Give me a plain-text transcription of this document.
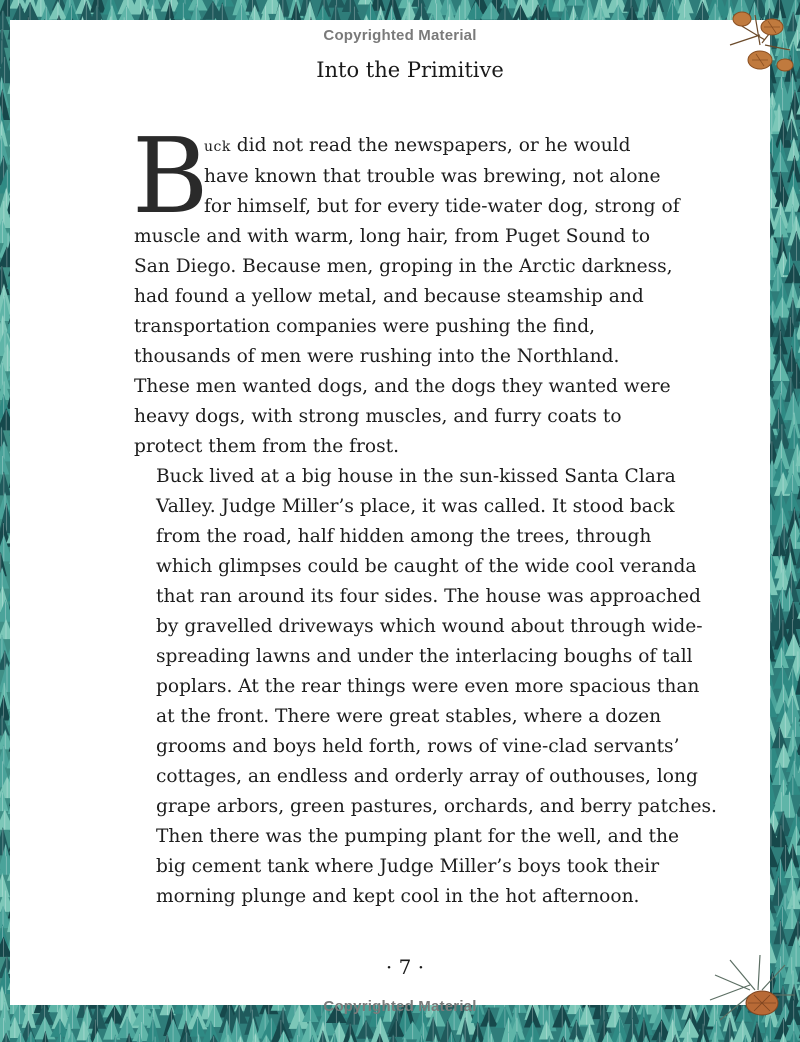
Copyrighted Material
Into the Primitive

B
uck did not read the newspapers, or he would
have known that trouble was brewing, not alone
for himself, but for every tide-water dog, strong of
muscle and with warm, long hair, from Puget Sound to
San Diego. Because men, groping in the Arctic darkness,
had found a yellow metal, and because steamship and
transportation companies were pushing the find,
thousands of men were rushing into the Northland.
These men wanted dogs, and the dogs they wanted were
heavy dogs, with strong muscles, and furry coats to
protect them from the frost.

Buck lived at a big house in the sun-kissed Santa Clara
Valley. Judge Miller’s place, it was called. It stood back
from the road, half hidden among the trees, through
which glimpses could be caught of the wide cool veranda
that ran around its four sides. The house was approached
by gravelled driveways which wound about through wide-
spreading lawns and under the interlacing boughs of tall
poplars. At the rear things were even more spacious than
at the front. There were great stables, where a dozen
grooms and boys held forth, rows of vine-clad servants’
cottages, an endless and orderly array of outhouses, long
grape arbors, green pastures, orchards, and berry patches.
Then there was the pumping plant for the well, and the
big cement tank where Judge Miller’s boys took their
morning plunge and kept cool in the hot afternoon.

· 7 ·
Copyrighted Material
